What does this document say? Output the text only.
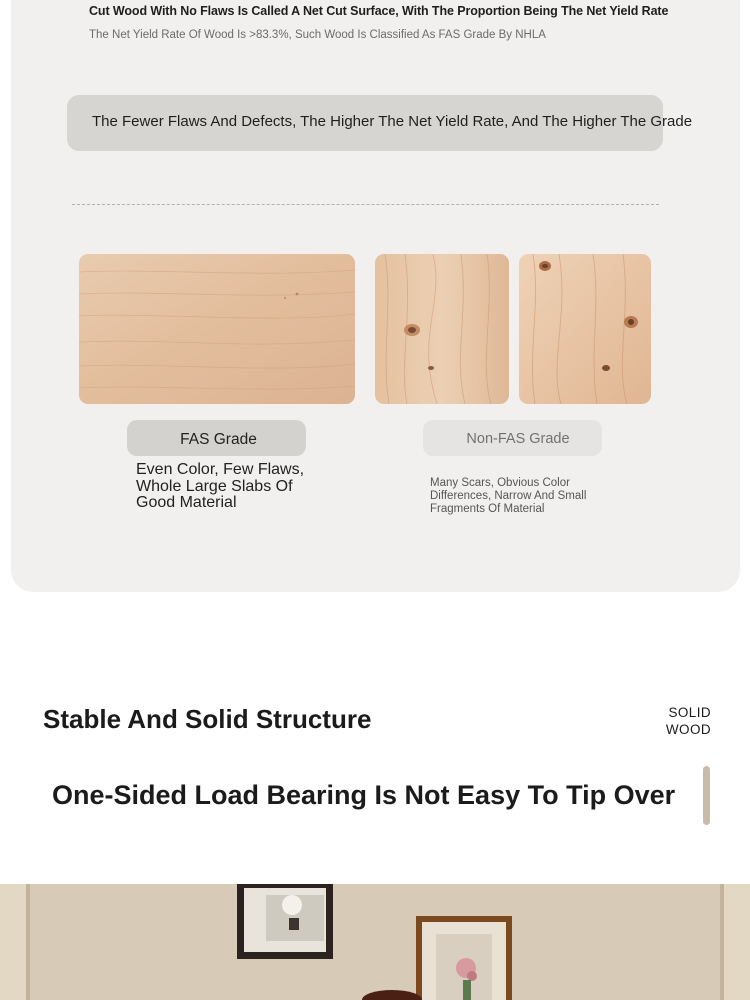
Cut Wood With No Flaws Is Called A Net Cut Surface, With The Proportion Being The Net Yield Rate
The Net Yield Rate Of Wood Is >83.3%, Such Wood Is Classified As FAS Grade By NHLA
The Fewer Flaws And Defects, The Higher The Net Yield Rate, And The Higher The Grade
FAS Grade
Even Color, Few Flaws, Whole Large Slabs Of Good Material
Non-FAS Grade
Many Scars, Obvious Color Differences, Narrow And Small Fragments Of Material
Stable And Solid Structure	SOLID
WOOD
One-Sided Load Bearing Is Not Easy To Tip Over
